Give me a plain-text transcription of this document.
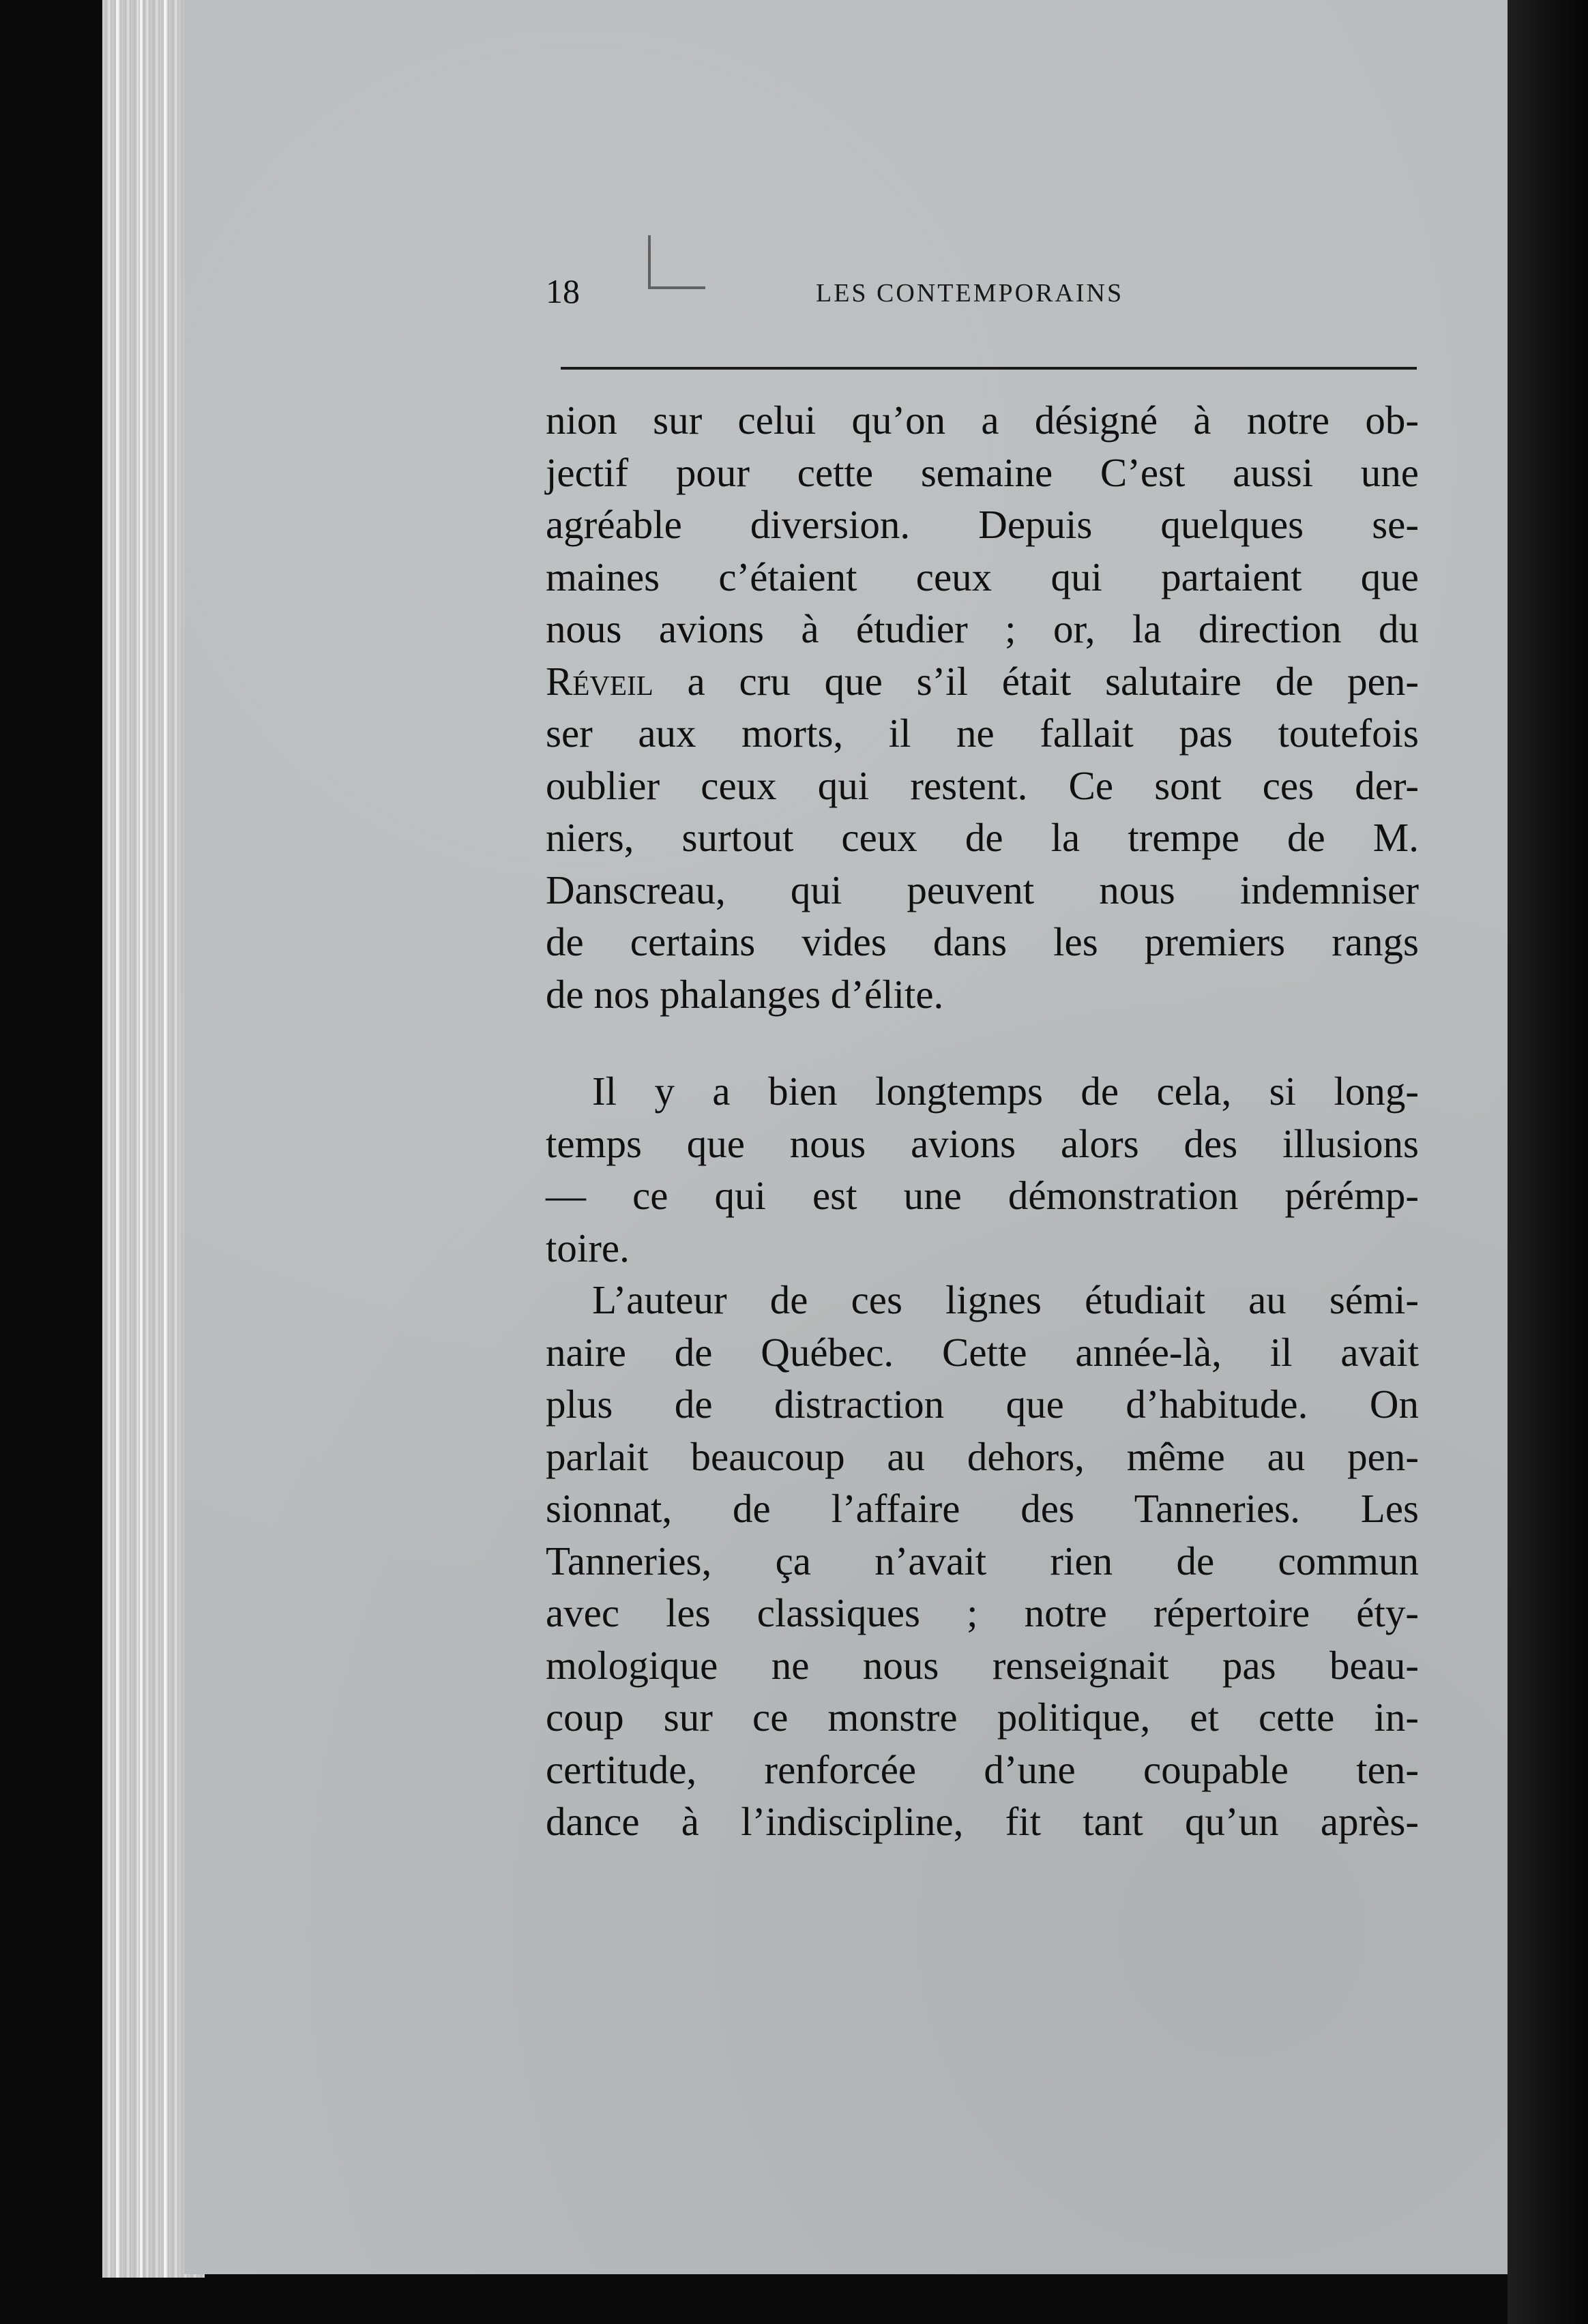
18	LES CONTEMPORAINS
nion sur celui qu’on a désigné à notre ob-
jectif pour cette semaine C’est aussi une
agréable diversion. Depuis quelques se-
maines c’étaient ceux qui partaient que
nous avions à étudier ; or, la direction du
Réveil a cru que s’il était salutaire de pen-
ser aux morts, il ne fallait pas toutefois
oublier ceux qui restent. Ce sont ces der-
niers, surtout ceux de la trempe de M.
Danscreau, qui peuvent nous indemniser
de certains vides dans les premiers rangs
de nos phalanges d’élite.
Il y a bien longtemps de cela, si long-
temps que nous avions alors des illusions
— ce qui est une démonstration pérémp-
toire.
L’auteur de ces lignes étudiait au sémi-
naire de Québec. Cette année-là, il avait
plus de distraction que d’habitude. On
parlait beaucoup au dehors, même au pen-
sionnat, de l’affaire des Tanneries. Les
Tanneries, ça n’avait rien de commun
avec les classiques ; notre répertoire éty-
mologique ne nous renseignait pas beau-
coup sur ce monstre politique, et cette in-
certitude, renforcée d’une coupable ten-
dance à l’indiscipline, fit tant qu’un après-
